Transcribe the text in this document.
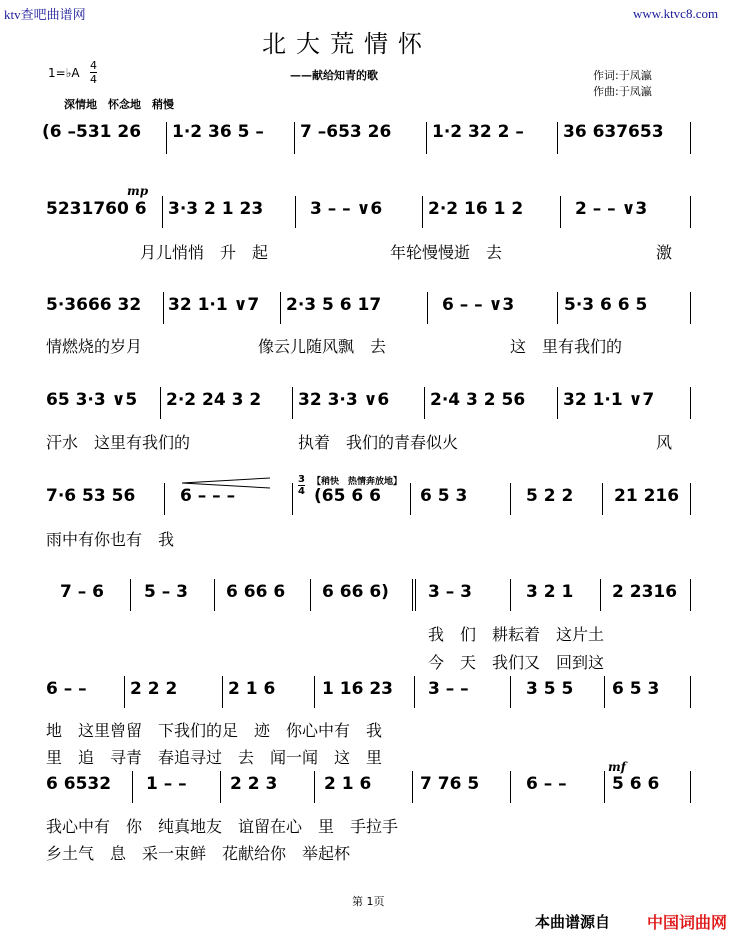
ktv查吧曲谱网	www.ktvc8.com
北大荒情怀
——献给知青的歌	作词:于凤瀛
作曲:于凤瀛
1=♭A
4
4
深情地　怀念地　稍慢
(6 –531 26 1·2 36 5 – 7 –653 26 1·2 32 2 – 36 637653
mp
5231760 6 3·3 2 1 23	3 – – ∨6	2·2 16 1 2	2 – – ∨3
月儿悄悄　升　起	年轮慢慢逝　去	激
5·3666 32 32 1·1 ∨7 2·3 5 6 17	6 – – ∨3	5·3 6 6 5
情燃烧的岁月	像云儿随风飘　去	这　里有我们的
65 3·3 ∨5 2·2 24 3 2 32 3·3 ∨6 2·4 3 2 56 32 1·1 ∨7
汗水　这里有我们的	执着　我们的青春似火	风
3
4
【稍快　热情奔放地】
7·6 53 56	6 – – –	(65 6 6 6 5 3	5 2 2 21 216
雨中有你也有　我
7 – 6 5 – 3 6 66 6 6 66 6) 3 – 3	3 2 1 2 2316
我　们　耕耘着　这片土
今　天　我们又　回到这
6 – –	2 2 2	2 1 6	1 16 23 3 – –	3 5 5 6 5 3
地　这里曾留　下我们的足　迹　你心中有　我
里　追　寻青　春追寻过　去　闻一闻　这　里	mf
6 6532 1 – –	2 2 3	2 1 6	7 76 5	6 – –	5 6 6
我心中有　你　纯真地友　谊留在心　里　手拉手
乡土气　息　采一束鲜　花献给你　举起杯
第 1页
本曲谱源自 中国词曲网
